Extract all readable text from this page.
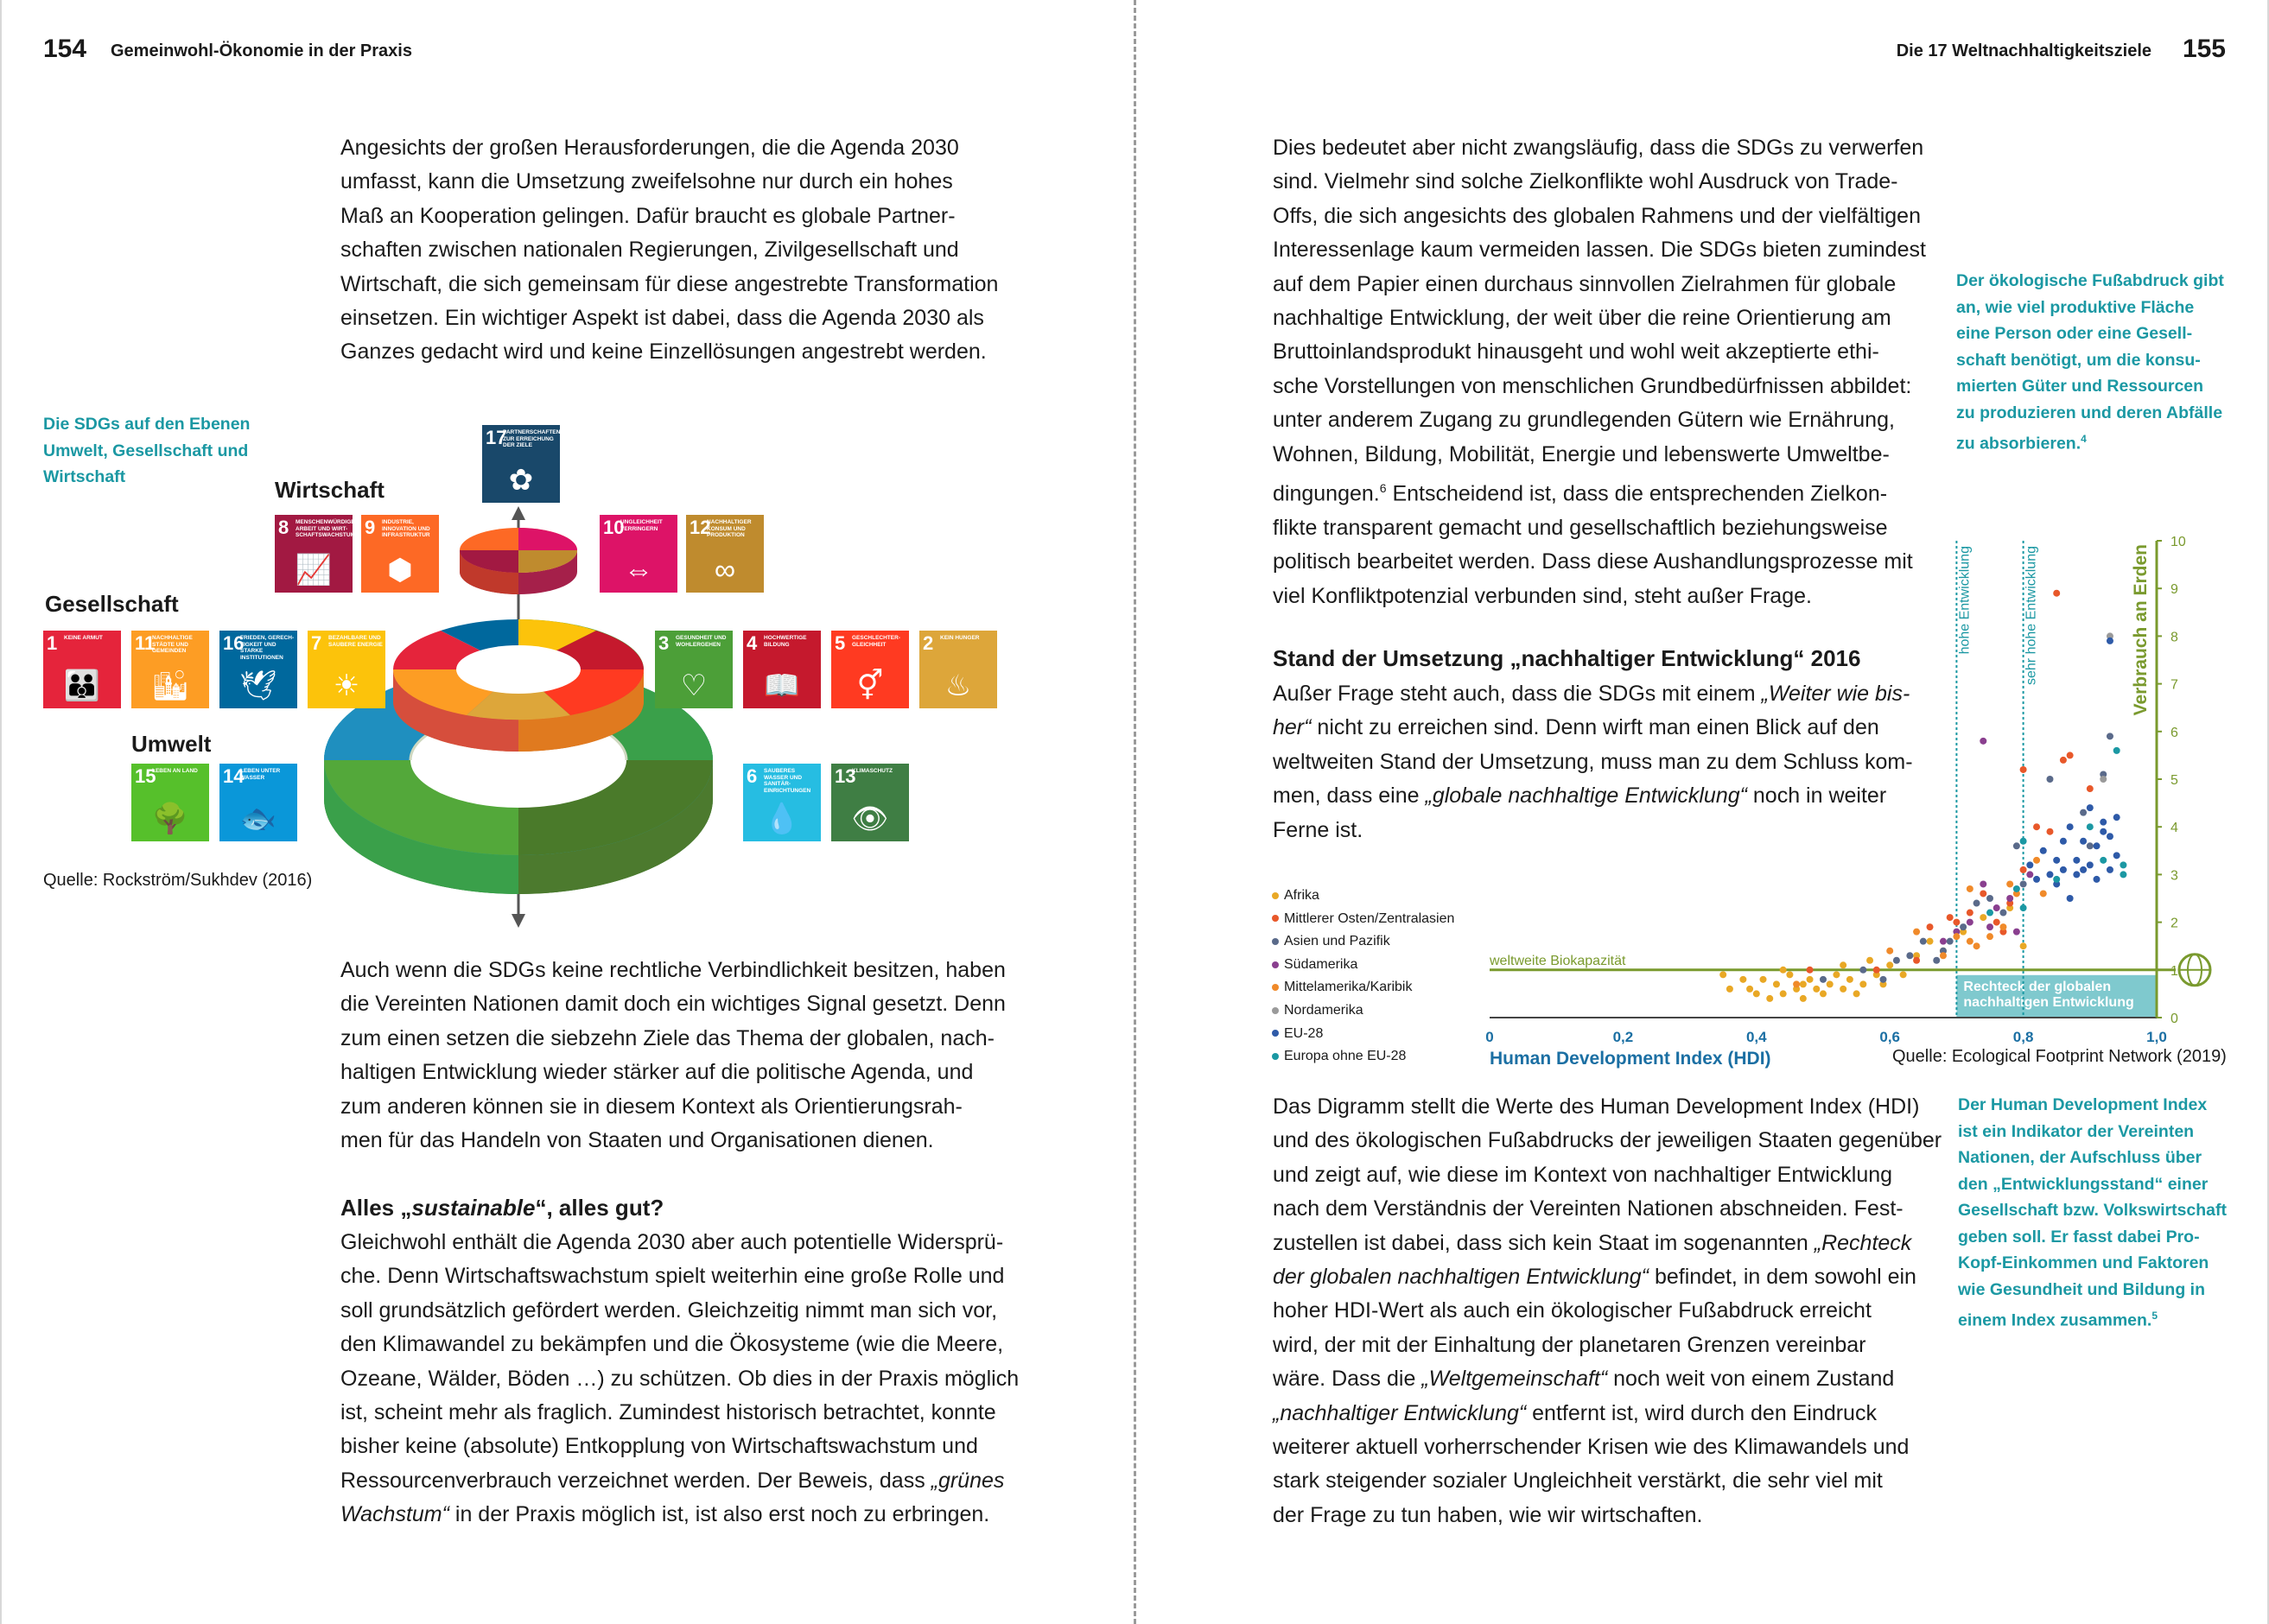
154 Gemeinwohl-Ökonomie in der Praxis

Angesichts der großen Herausforderungen, die die Agenda 2030

umfasst, kann die Umsetzung zweifelsohne nur durch ein hohes

Maß an Kooperation gelingen. Dafür braucht es globale Partner-

schaften zwischen nationalen Regierungen, Zivilgesellschaft und

Wirtschaft, die sich gemeinsam für diese angestrebte Transformation

einsetzen. Ein wichtiger Aspekt ist dabei, dass die Agenda 2030 als

Ganzes gedacht wird und keine Einzellösungen angestrebt werden.

Die SDGs auf den Ebenen

Umwelt, Gesellschaft und

Wirtschaft	Wirtschaft
Gesellschaft
Umwelt
17
PARTNERSCHAFTEN ZUR ERREICHUNG DER ZIELE
✿
8 MENSCHENWÜRDIGE ARBEIT UND WIRT-SCHAFTSWACHSTUM
📈
9 INDUSTRIE, INNOVATION UND INFRASTRUKTUR
⬢
10
UNGLEICHHEIT VERRINGERN
⇔
12
NACHHALTIGER KONSUM UND PRODUKTION
∞
1 KEINE ARMUT
👪
11
NACHHALTIGE STÄDTE UND GEMEINDEN
🏙
16
FRIEDEN, GERECH-TIGKEIT UND STARKE INSTITUTIONEN
🕊
7 BEZAHLBARE UND SAUBERE ENERGIE
☀
3 GESUNDHEIT UND WOHLERGEHEN
♡
4 HOCHWERTIGE BILDUNG
📖
5 GESCHLECHTER-GLEICHHEIT
⚥
2 KEIN HUNGER
♨
15
LEBEN AN LAND
🌳
14
LEBEN UNTER WASSER
🐟
6 SAUBERES WASSER UND SANITÄR-EINRICHTUNGEN
💧
13
KLIMASCHUTZ
👁
Quelle: Rockström/Sukhdev (2016)

Auch wenn die SDGs keine rechtliche Verbindlichkeit besitzen, haben

die Vereinten Nationen damit doch ein wichtiges Signal gesetzt. Denn

zum einen setzen die siebzehn Ziele das Thema der globalen, nach-

haltigen Entwicklung wieder stärker auf die politische Agenda, und

zum anderen können sie in diesem Kontext als Orientierungsrah-

men für das Handeln von Staaten und Organisationen dienen.

Alles „sustainable“, alles gut?

Gleichwohl enthält die Agenda 2030 aber auch potentielle Widersprü-

che. Denn Wirtschaftswachstum spielt weiterhin eine große Rolle und

soll grundsätzlich gefördert werden. Gleichzeitig nimmt man sich vor,

den Klimawandel zu bekämpfen und die Ökosysteme (wie die Meere,

Ozeane, Wälder, Böden …) zu schützen. Ob dies in der Praxis möglich

ist, scheint mehr als fraglich. Zumindest historisch betrachtet, konnte

bisher keine (absolute) Entkopplung von Wirtschaftswachstum und

Ressourcenverbrauch verzeichnet werden. Der Beweis, dass „grünes

Wachstum“ in der Praxis möglich ist, ist also erst noch zu erbringen.

Die 17 Weltnachhaltigkeitsziele 155

Dies bedeutet aber nicht zwangsläufig, dass die SDGs zu verwerfen

sind. Vielmehr sind solche Zielkonflikte wohl Ausdruck von Trade-

Offs, die sich angesichts des globalen Rahmens und der vielfältigen

Interessenlage kaum vermeiden lassen. Die SDGs bieten zumindest

auf dem Papier einen durchaus sinnvollen Zielrahmen für globale

nachhaltige Entwicklung, der weit über die reine Orientierung am

Bruttoinlandsprodukt hinausgeht und wohl weit akzeptierte ethi-

sche Vorstellungen von menschlichen Grundbedürfnissen abbildet:

unter anderem Zugang zu grundlegenden Gütern wie Ernährung,

Wohnen, Bildung, Mobilität, Energie und lebenswerte Umweltbe-

dingungen.$^6$ Entscheidend ist, dass die entsprechenden Zielkon-

flikte transparent gemacht und gesellschaftlich beziehungsweise

politisch bearbeitet werden. Dass diese Aushandlungsprozesse mit

viel Konfliktpotenzial verbunden sind, steht außer Frage.

Der ökologische Fußabdruck gibt

an, wie viel produktive Fläche

eine Person oder eine Gesell-

schaft benötigt, um die konsu-

mierten Güter und Ressourcen

zu produzieren und deren Abfälle

zu absorbieren.$^4$

Stand der Umsetzung „nachhaltiger Entwicklung“ 2016

Außer Frage steht auch, dass die SDGs mit einem „Weiter wie bis-

her“ nicht zu erreichen sind. Denn wirft man einen Blick auf den

weltweiten Stand der Umsetzung, muss man zu dem Schluss kom-

men, dass eine „globale nachhaltige Entwicklung“ noch in weiter

Ferne ist.

Afrika
Mittlerer Osten/Zentralasien
Asien und Pazifik
Südamerika
Mittelamerika/Karibik
Nordamerika
EU-28
Europa ohne EU-28
Rechteck der globalen
nachhaltigen Entwicklung
hohe Entwicklung	sehr hohe Entwicklung
weltweite Biokapazität
0	0,2	0,4	0,6	0,8	1,0
0
1
2
3
4
5
6
7
8
9
10
Human Development Index (HDI)
Verbrauch an Erden
Quelle: Ecological Footprint Network (2019)

Das Digramm stellt die Werte des Human Development Index (HDI)

und des ökologischen Fußabdrucks der jeweiligen Staaten gegenüber

und zeigt auf, wie diese im Kontext von nachhaltiger Entwicklung

nach dem Verständnis der Vereinten Nationen abschneiden. Fest-

zustellen ist dabei, dass sich kein Staat im sogenannten „Rechteck

der globalen nachhaltigen Entwicklung“ befindet, in dem sowohl ein

hoher HDI-Wert als auch ein ökologischer Fußabdruck erreicht

wird, der mit der Einhaltung der planetaren Grenzen vereinbar

wäre. Dass die „Weltgemeinschaft“ noch weit von einem Zustand

„nachhaltiger Entwicklung“ entfernt ist, wird durch den Eindruck

weiterer aktuell vorherrschender Krisen wie des Klimawandels und

stark steigender sozialer Ungleichheit verstärkt, die sehr viel mit

der Frage zu tun haben, wie wir wirtschaften.

Der Human Development Index

ist ein Indikator der Vereinten

Nationen, der Aufschluss über

den „Entwicklungsstand“ einer

Gesellschaft bzw. Volkswirtschaft

geben soll. Er fasst dabei Pro-

Kopf-Einkommen und Faktoren

wie Gesundheit und Bildung in

einem Index zusammen.$^5$
